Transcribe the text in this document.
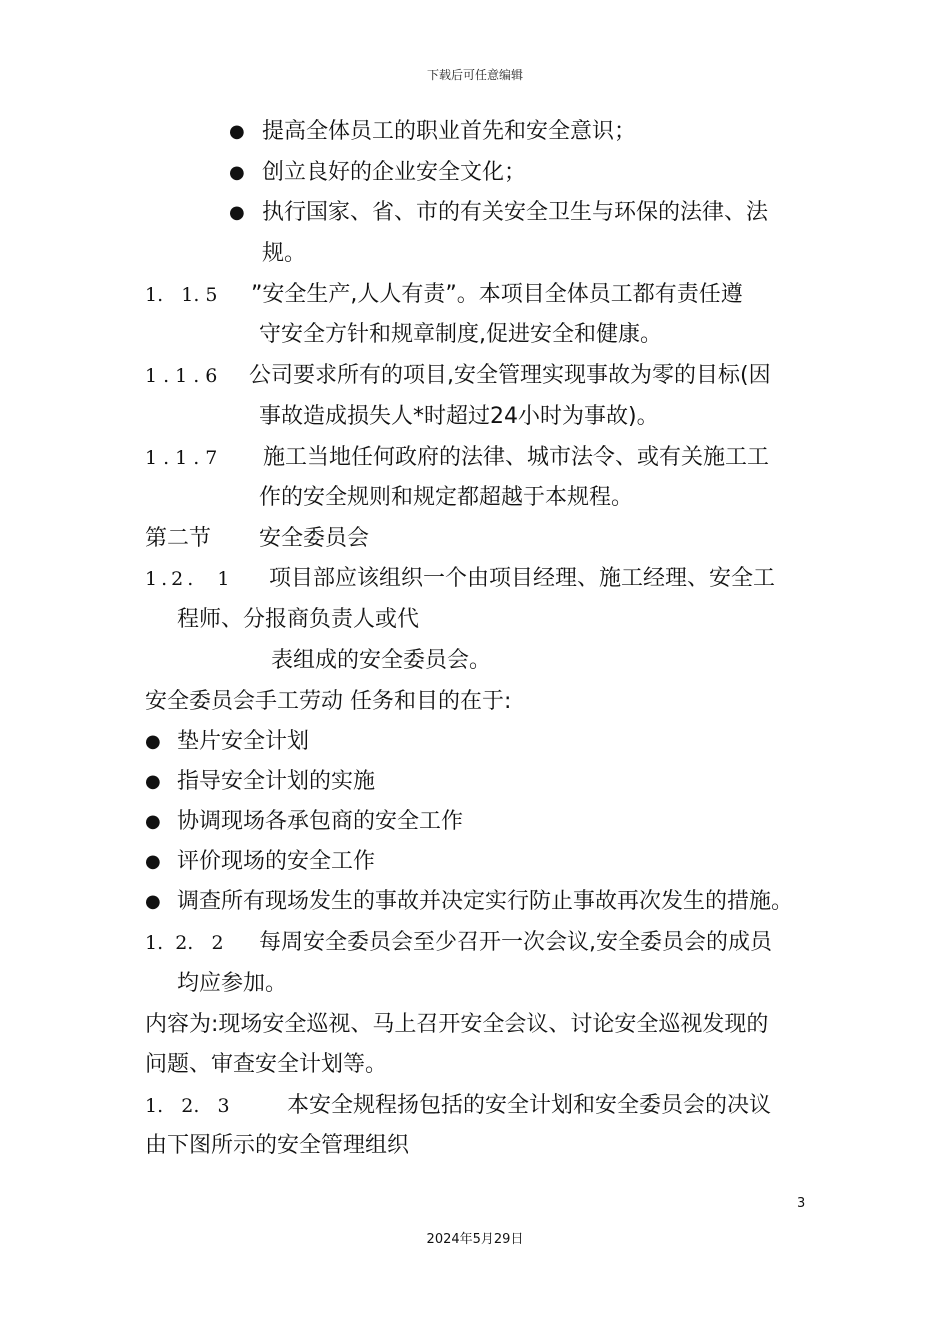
下载后可任意编辑
● 提高全体员工的职业首先和安全意识；
● 创立良好的企业安全文化；
● 执行国家、省、市的有关安全卫生与环保的法律、法
规。
1.   1. 5 ”安全生产,人人有责”。本项目全体员工都有责任遵
守安全方针和规章制度,促进安全和健康。
1.1.6 公司要求所有的项目,安全管理实现事故为零的目标(因
事故造成损失人*时超过24小时为事故)。
1.1.7 施工当地任何政府的法律、城市法令、或有关施工工
作的安全规则和规定都超越于本规程。
第二节 安全委员会
1.2.  1 项目部应该组织一个由项目经理、施工经理、安全工
程师、分报商负责人或代
表组成的安全委员会。
安全委员会手工劳动 任务和目的在于:
● 垫片安全计划
● 指导安全计划的实施
● 协调现场各承包商的安全工作
● 评价现场的安全工作
● 调查所有现场发生的事故并决定实行防止事故再次发生的措施。
1.  2.   2 每周安全委员会至少召开一次会议,安全委员会的成员
均应参加。
内容为:现场安全巡视、马上召开安全会议、讨论安全巡视发现的
问题、审查安全计划等。
1.   2.   3	本安全规程扬包括的安全计划和安全委员会的决议
由下图所示的安全管理组织
3
2024年5月29日
